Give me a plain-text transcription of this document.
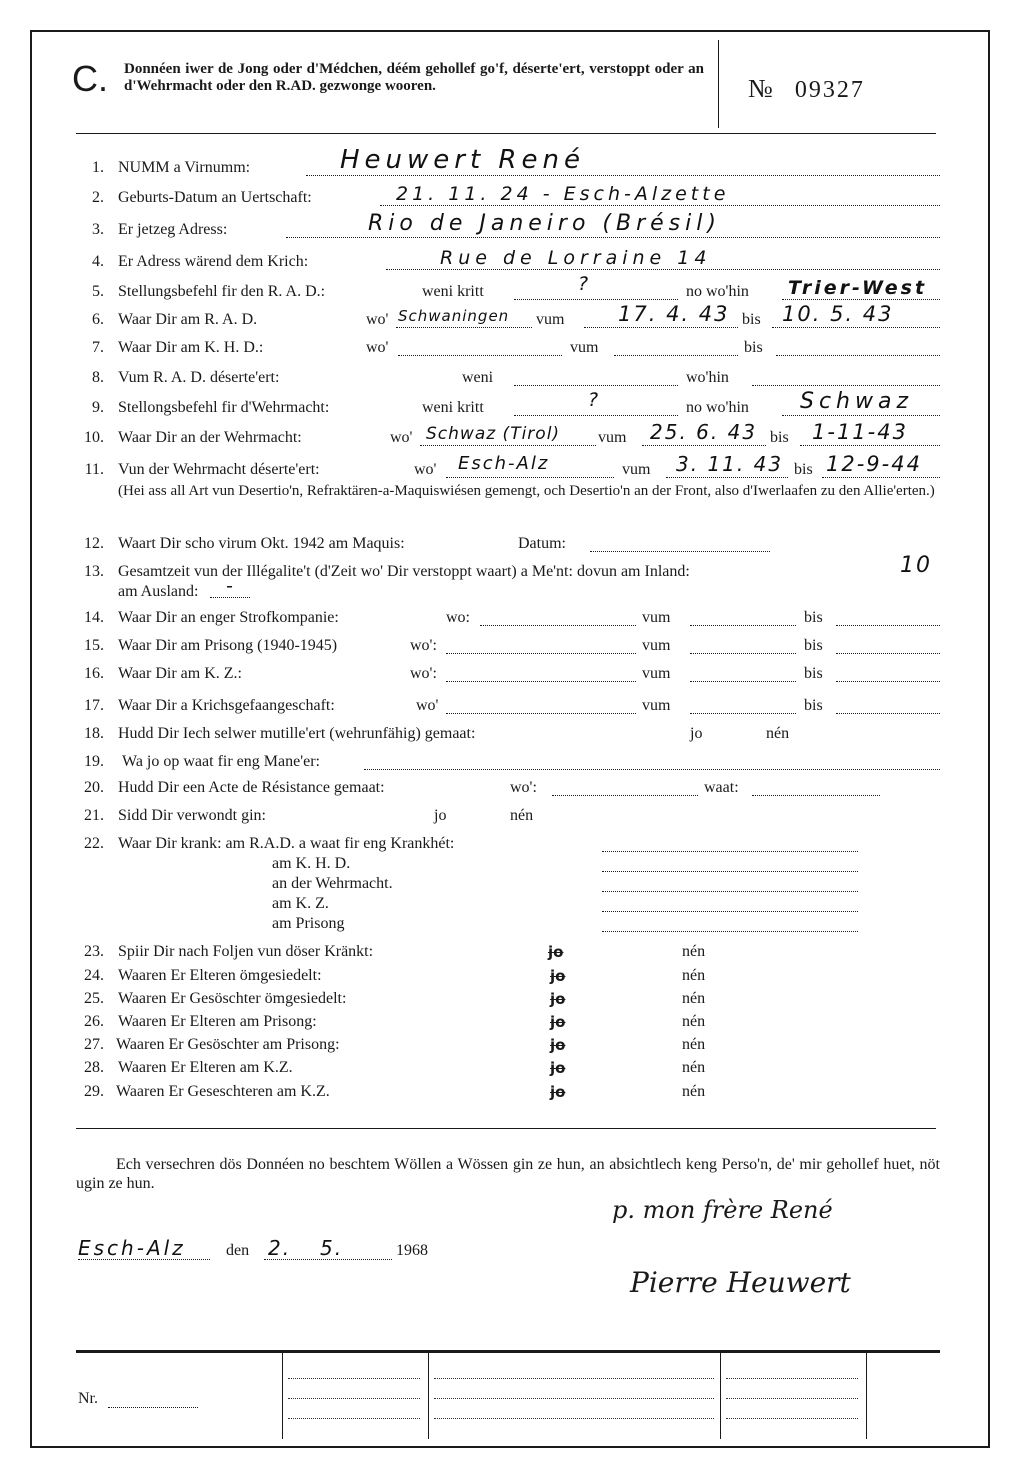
C. Donnéen iwer de Jong oder d'Médchen, déém gehollef go'f, déserte'ert, verstoppt oder an d'Wehrmacht oder den R.AD. gezwonge wooren.	№ 09327
1. NUMM a Virnumm:	Heuwert René
2. Geburts-Datum an Uertschaft:	21. 11. 24 - Esch-Alzette
3. Er jetzeg Adress:	Rio de Janeiro (Brésil)
4. Er Adress wärend dem Krich:	Rue de Lorraine 14
5. Stellungsbefehl fir den R. A. D.:	weni kritt	?	no wo'hin Trier-West
6. Waar Dir am R. A. D.	wo' Schwaningen vum	17. 4. 43 bis 10. 5. 43
7. Waar Dir am K. H. D.:	wo'	vum	bis
8. Vum R. A. D. déserte'ert:	weni	wo'hin
9. Stellongsbefehl fir d'Wehrmacht:	weni kritt	?	no wo'hin Schwaz
10. Waar Dir an der Wehrmacht:	wo' Schwaz (Tirol) vum 25. 6. 43 bis 1-11-43
11. Vun der Wehrmacht déserte'ert:	wo' Esch-Alz	vum 3. 11. 43 bis 12-9-44
(Hei ass all Art vun Desertio'n, Refraktären-a-Maquiswiésen gemengt, och Desertio'n an der Front, also d'Iwerlaafen zu den Allie'erten.)
12. Waart Dir scho virum Okt. 1942 am Maquis:	Datum:
13. Gesamtzeit vun der Illégalite't (d'Zeit wo' Dir verstoppt waart) a Me'nt: dovun am Inland:	10
am Ausland: -
14. Waar Dir an enger Strofkompanie:	wo:	vum	bis
15. Waar Dir am Prisong (1940-1945)	wo':	vum	bis
16. Waar Dir am K. Z.:	wo':	vum	bis
17. Waar Dir a Krichsgefaangeschaft:	wo'	vum	bis
18. Hudd Dir Iech selwer mutille'ert (wehrunfähig) gemaat:	jo	nén
19. Wa jo op waat fir eng Mane'er:
20. Hudd Dir een Acte de Résistance gemaat:	wo':	waat:
21. Sidd Dir verwondt gin:	jo	nén
22. Waar Dir krank: am R.A.D. a waat fir eng Krankhét:
am K. H. D.
an der Wehrmacht.
am K. Z.
am Prisong
23. Spiir Dir nach Foljen vun döser Kränkt:	jo	nén
24. Waaren Er Elteren ömgesiedelt:	jo	nén
25. Waaren Er Gesöschter ömgesiedelt:	jo	nén
26. Waaren Er Elteren am Prisong:	jo	nén
27. Waaren Er Gesöschter am Prisong:	jo	nén
28. Waaren Er Elteren am K.Z.	jo	nén
29. Waaren Er Geseschteren am K.Z.	jo	nén
Ech versechren dös Donnéen no beschtem Wöllen a Wössen gin ze hun, an absichtlech keng Perso'n, de' mir gehollef huet, nöt ugin ze hun.
Esch-Alz	den 2. 5.	1968
p. mon frère René
Pierre Heuwert
Nr.
